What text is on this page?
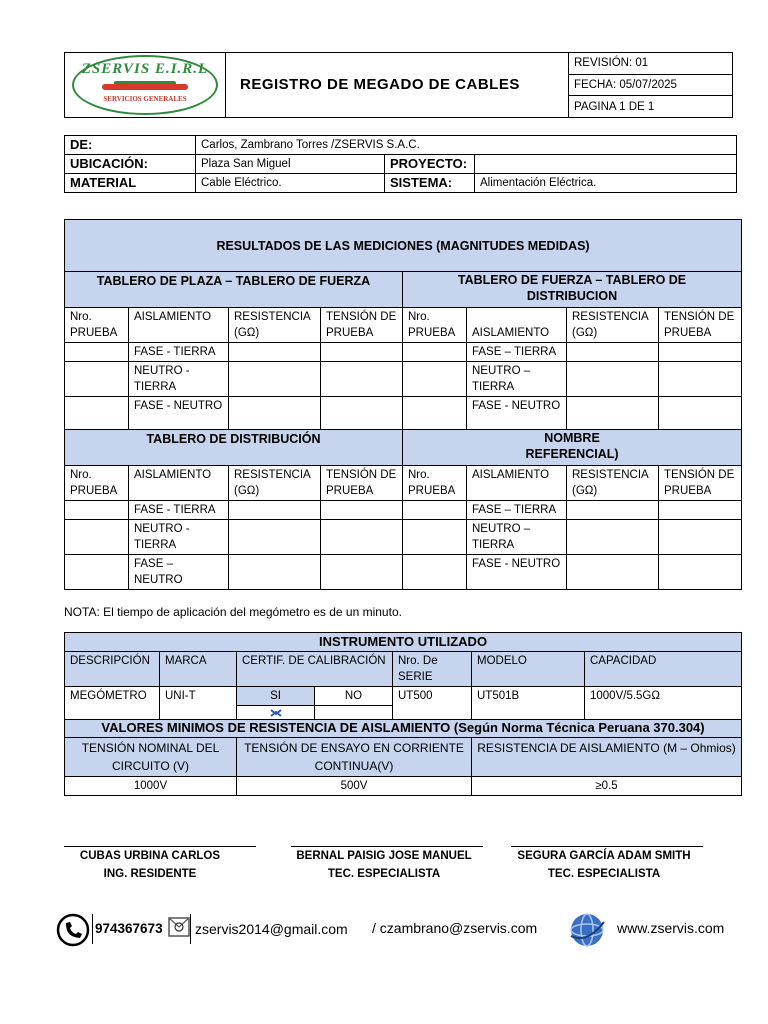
ZSERVIS E.I.R.L
SERVICIOS GENERALES
	REGISTRO DE MEGADO DE CABLES	REVISIÓN: 01
FECHA: 05/07/2025
PAGINA 1 DE 1
DE:	Carlos, Zambrano Torres /ZSERVIS S.A.C.		
UBICACIÓN:	Plaza San Miguel	PROYECTO:	
MATERIAL	Cable Eléctrico.	SISTEMA:	Alimentación Eléctrica.
RESULTADOS DE LAS MEDICIONES (MAGNITUDES MEDIDAS)							
TABLERO DE PLAZA – TABLERO DE FUERZA				TABLERO DE FUERZA – TABLERO DE DISTRIBUCION			
Nro. PRUEBA	AISLAMIENTO	RESISTENCIA (GΩ)	TENSIÓN DE PRUEBA	Nro. PRUEBA	AISLAMIENTO	RESISTENCIA (GΩ)	TENSIÓN DE PRUEBA
	FASE - TIERRA				FASE – TIERRA		
	NEUTRO - TIERRA				NEUTRO – TIERRA		
	FASE - NEUTRO				FASE - NEUTRO		
TABLERO DE DISTRIBUCIÓN				NOMBRE REFERENCIAL)			
Nro. PRUEBA	AISLAMIENTO	RESISTENCIA (GΩ)	TENSIÓN DE PRUEBA	Nro. PRUEBA	AISLAMIENTO	RESISTENCIA (GΩ)	TENSIÓN DE PRUEBA
	FASE - TIERRA				FASE – TIERRA		
	NEUTRO - TIERRA				NEUTRO – TIERRA		
	FASE – NEUTRO				FASE - NEUTRO		
NOTA: El tiempo de aplicación del megómetro es de un minuto.
INSTRUMENTO UTILIZADO						
DESCRIPCIÓN	MARCA	CERTIF. DE CALIBRACIÓN		Nro. De SERIE	MODELO	CAPACIDAD
MEGÓMETRO	UNI-T	SI	NO	UT500	UT501B	1000V/5.5GΩ

VALORES MINIMOS DE RESISTENCIA DE AISLAMIENTO (Según Norma Técnica Peruana 370.304)		
TENSIÓN NOMINAL DEL CIRCUITO (V)	TENSIÓN DE ENSAYO EN CORRIENTE CONTINUA(V)	RESISTENCIA DE AISLAMIENTO (M – Ohmios)
1000V	500V	≥0.5
CUBAS URBINA CARLOS
ING. RESIDENTE
BERNAL PAISIG JOSE MANUEL
TEC. ESPECIALISTA
SEGURA GARCÍA ADAM SMITH
TEC. ESPECIALISTA
974367673 zservis2014@gmail.com / czambrano@zservis.com	www.zservis.com
